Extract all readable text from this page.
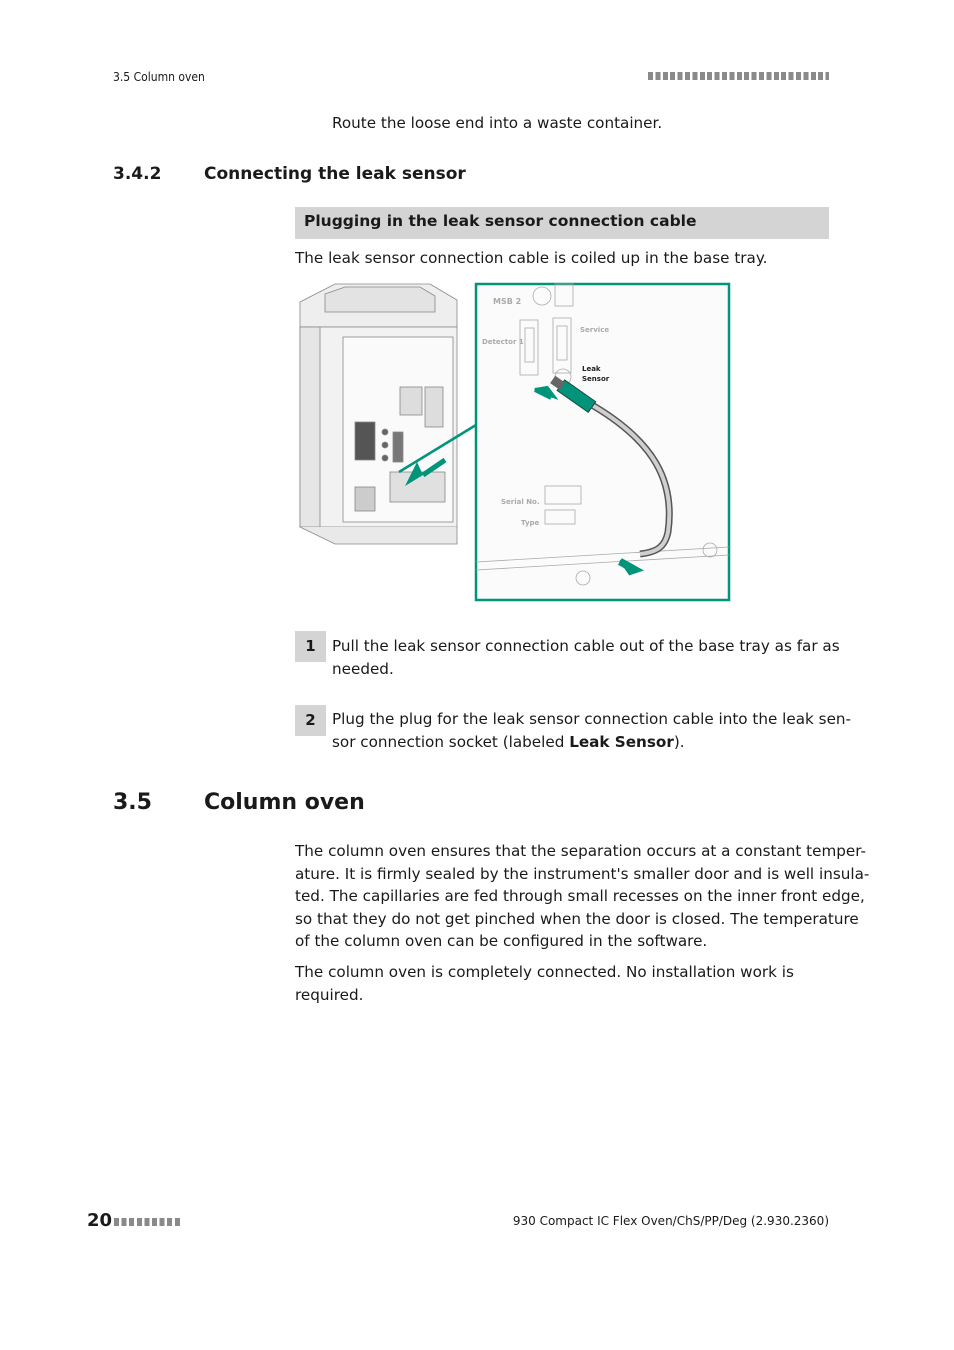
3.5 Column oven
Route the loose end into a waste container.
3.4.2	Connecting the leak sensor
Plugging in the leak sensor connection cable
The leak sensor connection cable is coiled up in the base tray.
MSB 2
Detector 1
Service
Serial No.
Type
Leak
Sensor
1	Pull the leak sensor connection cable out of the base tray as far as
needed.
2	Plug the plug for the leak sensor connection cable into the leak sen-
sor connection socket (labeled Leak Sensor).
3.5 Column oven
The column oven ensures that the separation occurs at a constant temper-
ature. It is firmly sealed by the instrument's smaller door and is well insula-
ted. The capillaries are fed through small recesses on the inner front edge,
so that they do not get pinched when the door is closed. The temperature
of the column oven can be configured in the software.
The column oven is completely connected. No installation work is
required.
20	930 Compact IC Flex Oven/ChS/PP/Deg (2.930.2360)
